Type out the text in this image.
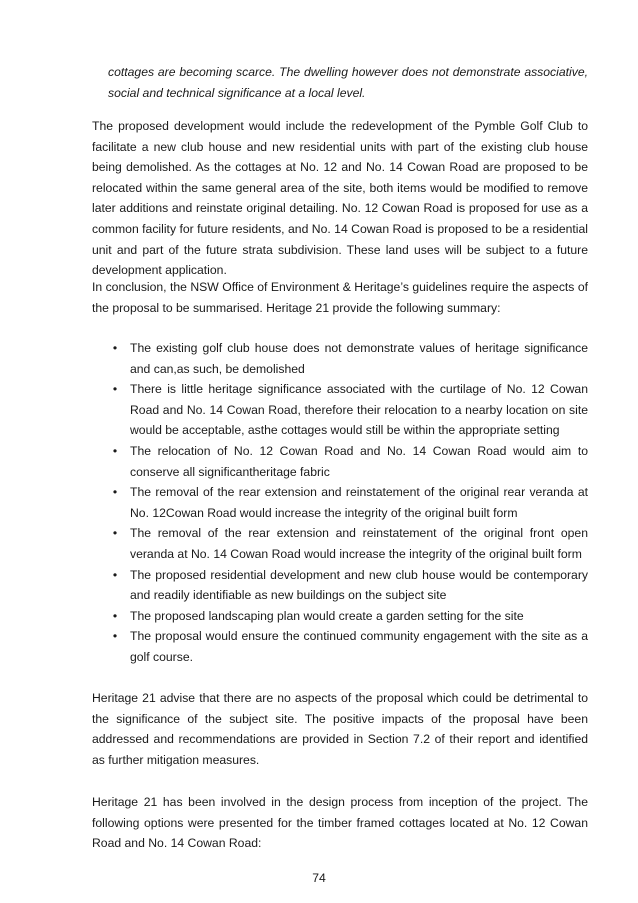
cottages are becoming scarce. The dwelling however does not demonstrate associative, social and technical significance at a local level.

The proposed development would include the redevelopment of the Pymble Golf Club to facilitate a new club house and new residential units with part of the existing club house being demolished. As the cottages at No. 12 and No. 14 Cowan Road are proposed to be relocated within the same general area of the site, both items would be modified to remove later additions and reinstate original detailing. No. 12 Cowan Road is proposed for use as a common facility for future residents, and No. 14 Cowan Road is proposed to be a residential unit and part of the future strata subdivision. These land uses will be subject to a future development application.

In conclusion, the NSW Office of Environment & Heritage’s guidelines require the aspects of the proposal to be summarised. Heritage 21 provide the following summary:

• The existing golf club house does not demonstrate values of heritage significance and can,as such, be demolished
• There is little heritage significance associated with the curtilage of No. 12 Cowan Road and No. 14 Cowan Road, therefore their relocation to a nearby location on site would be acceptable, asthe cottages would still be within the appropriate setting
• The relocation of No. 12 Cowan Road and No. 14 Cowan Road would aim to conserve all significantheritage fabric
• The removal of the rear extension and reinstatement of the original rear veranda at No. 12Cowan Road would increase the integrity of the original built form
• The removal of the rear extension and reinstatement of the original front open veranda at No. 14 Cowan Road would increase the integrity of the original built form
• The proposed residential development and new club house would be contemporary and readily identifiable as new buildings on the subject site
• The proposed landscaping plan would create a garden setting for the site
• The proposal would ensure the continued community engagement with the site as a golf course.

Heritage 21 advise that there are no aspects of the proposal which could be detrimental to the significance of the subject site. The positive impacts of the proposal have been addressed and recommendations are provided in Section 7.2 of their report and identified as further mitigation measures.

Heritage 21 has been involved in the design process from inception of the project. The following options were presented for the timber framed cottages located at No. 12 Cowan Road and No. 14 Cowan Road:

74
